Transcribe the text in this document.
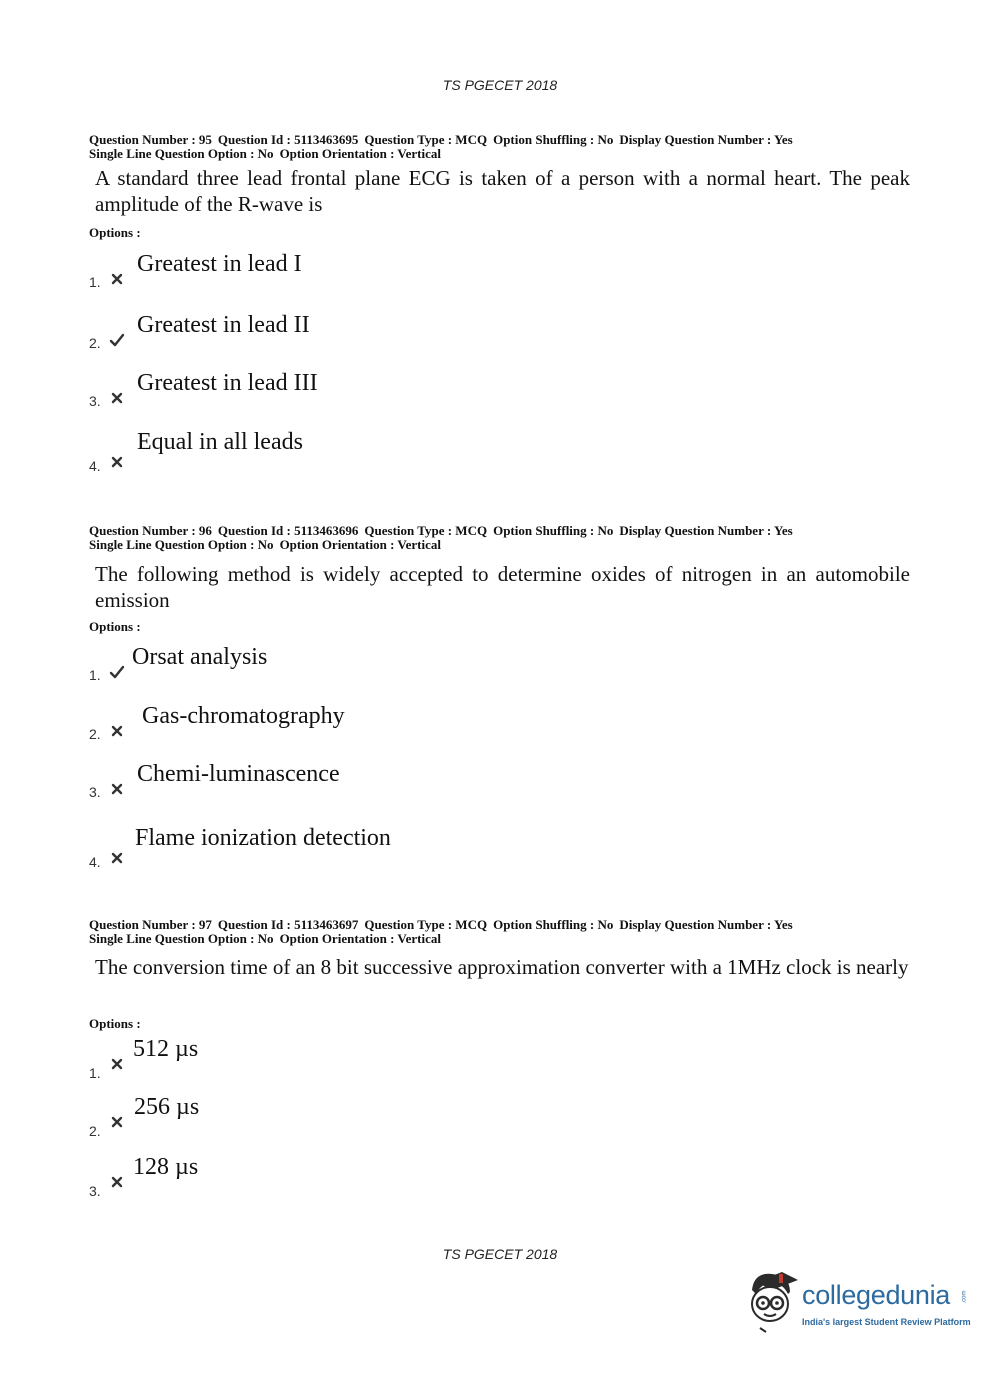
TS PGECET 2018
Question Number : 95 Question Id : 5113463695 Question Type : MCQ Option Shuffling : No Display Question Number : Yes
Single Line Question Option : No Option Orientation : Vertical
A standard three lead frontal plane ECG is taken of a person with a normal heart. The peak amplitude of the R-wave is
Options :
1.
Greatest in lead I
2.
Greatest in lead II
3.
Greatest in lead III
4.
Equal in all leads
Question Number : 96 Question Id : 5113463696 Question Type : MCQ Option Shuffling : No Display Question Number : Yes
Single Line Question Option : No Option Orientation : Vertical
The following method is widely accepted to determine oxides of nitrogen in an automobile emission
Options :
1.
Orsat analysis
2.
Gas-chromatography
3.
Chemi-luminascence
4.
Flame ionization detection
Question Number : 97 Question Id : 5113463697 Question Type : MCQ Option Shuffling : No Display Question Number : Yes
Single Line Question Option : No Option Orientation : Vertical
The conversion time of an 8 bit successive approximation converter with a 1MHz clock is nearly
Options :
1.
512 µs
2.
256 µs
3.
128 µs
TS PGECET 2018
collegedunia .com
India's largest Student Review Platform
